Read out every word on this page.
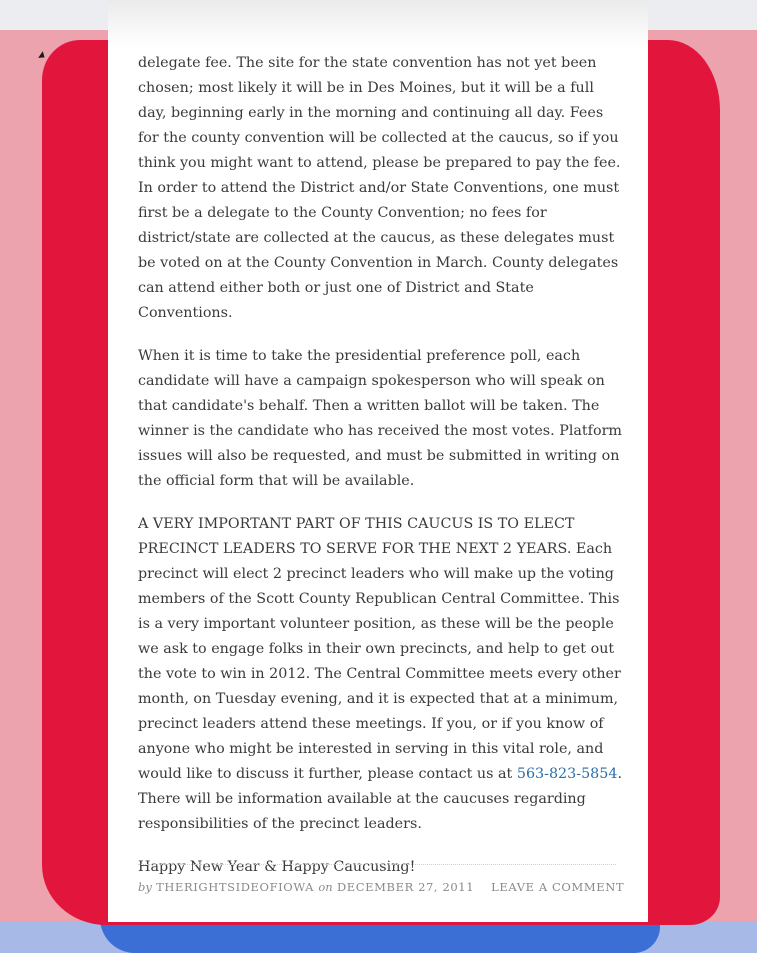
delegate fee. The site for the state convention has not yet been chosen; most likely it will be in Des Moines, but it will be a full day, beginning early in the morning and continuing all day. Fees for the county convention will be collected at the caucus, so if you think you might want to attend, please be prepared to pay the fee. In order to attend the District and/or State Conventions, one must first be a delegate to the County Convention; no fees for district/state are collected at the caucus, as these delegates must be voted on at the County Convention in March. County delegates can attend either both or just one of District and State Conventions.

When it is time to take the presidential preference poll, each candidate will have a campaign spokesperson who will speak on that candidate's behalf. Then a written ballot will be taken. The winner is the candidate who has received the most votes. Platform issues will also be requested, and must be submitted in writing on the official form that will be available.

A VERY IMPORTANT PART OF THIS CAUCUS IS TO ELECT PRECINCT LEADERS TO SERVE FOR THE NEXT 2 YEARS. Each precinct will elect 2 precinct leaders who will make up the voting members of the Scott County Republican Central Committee. This is a very important volunteer position, as these will be the people we ask to engage folks in their own precincts, and help to get out the vote to win in 2012. The Central Committee meets every other month, on Tuesday evening, and it is expected that at a minimum, precinct leaders attend these meetings. If you, or if you know of anyone who might be interested in serving in this vital role, and would like to discuss it further, please contact us at 563-823-5854. There will be information available at the caucuses regarding responsibilities of the precinct leaders.

Happy New Year & Happy Caucusing!

by THERIGHTSIDEOFIOWA on DECEMBER 27, 2011 LEAVE A COMMENT
